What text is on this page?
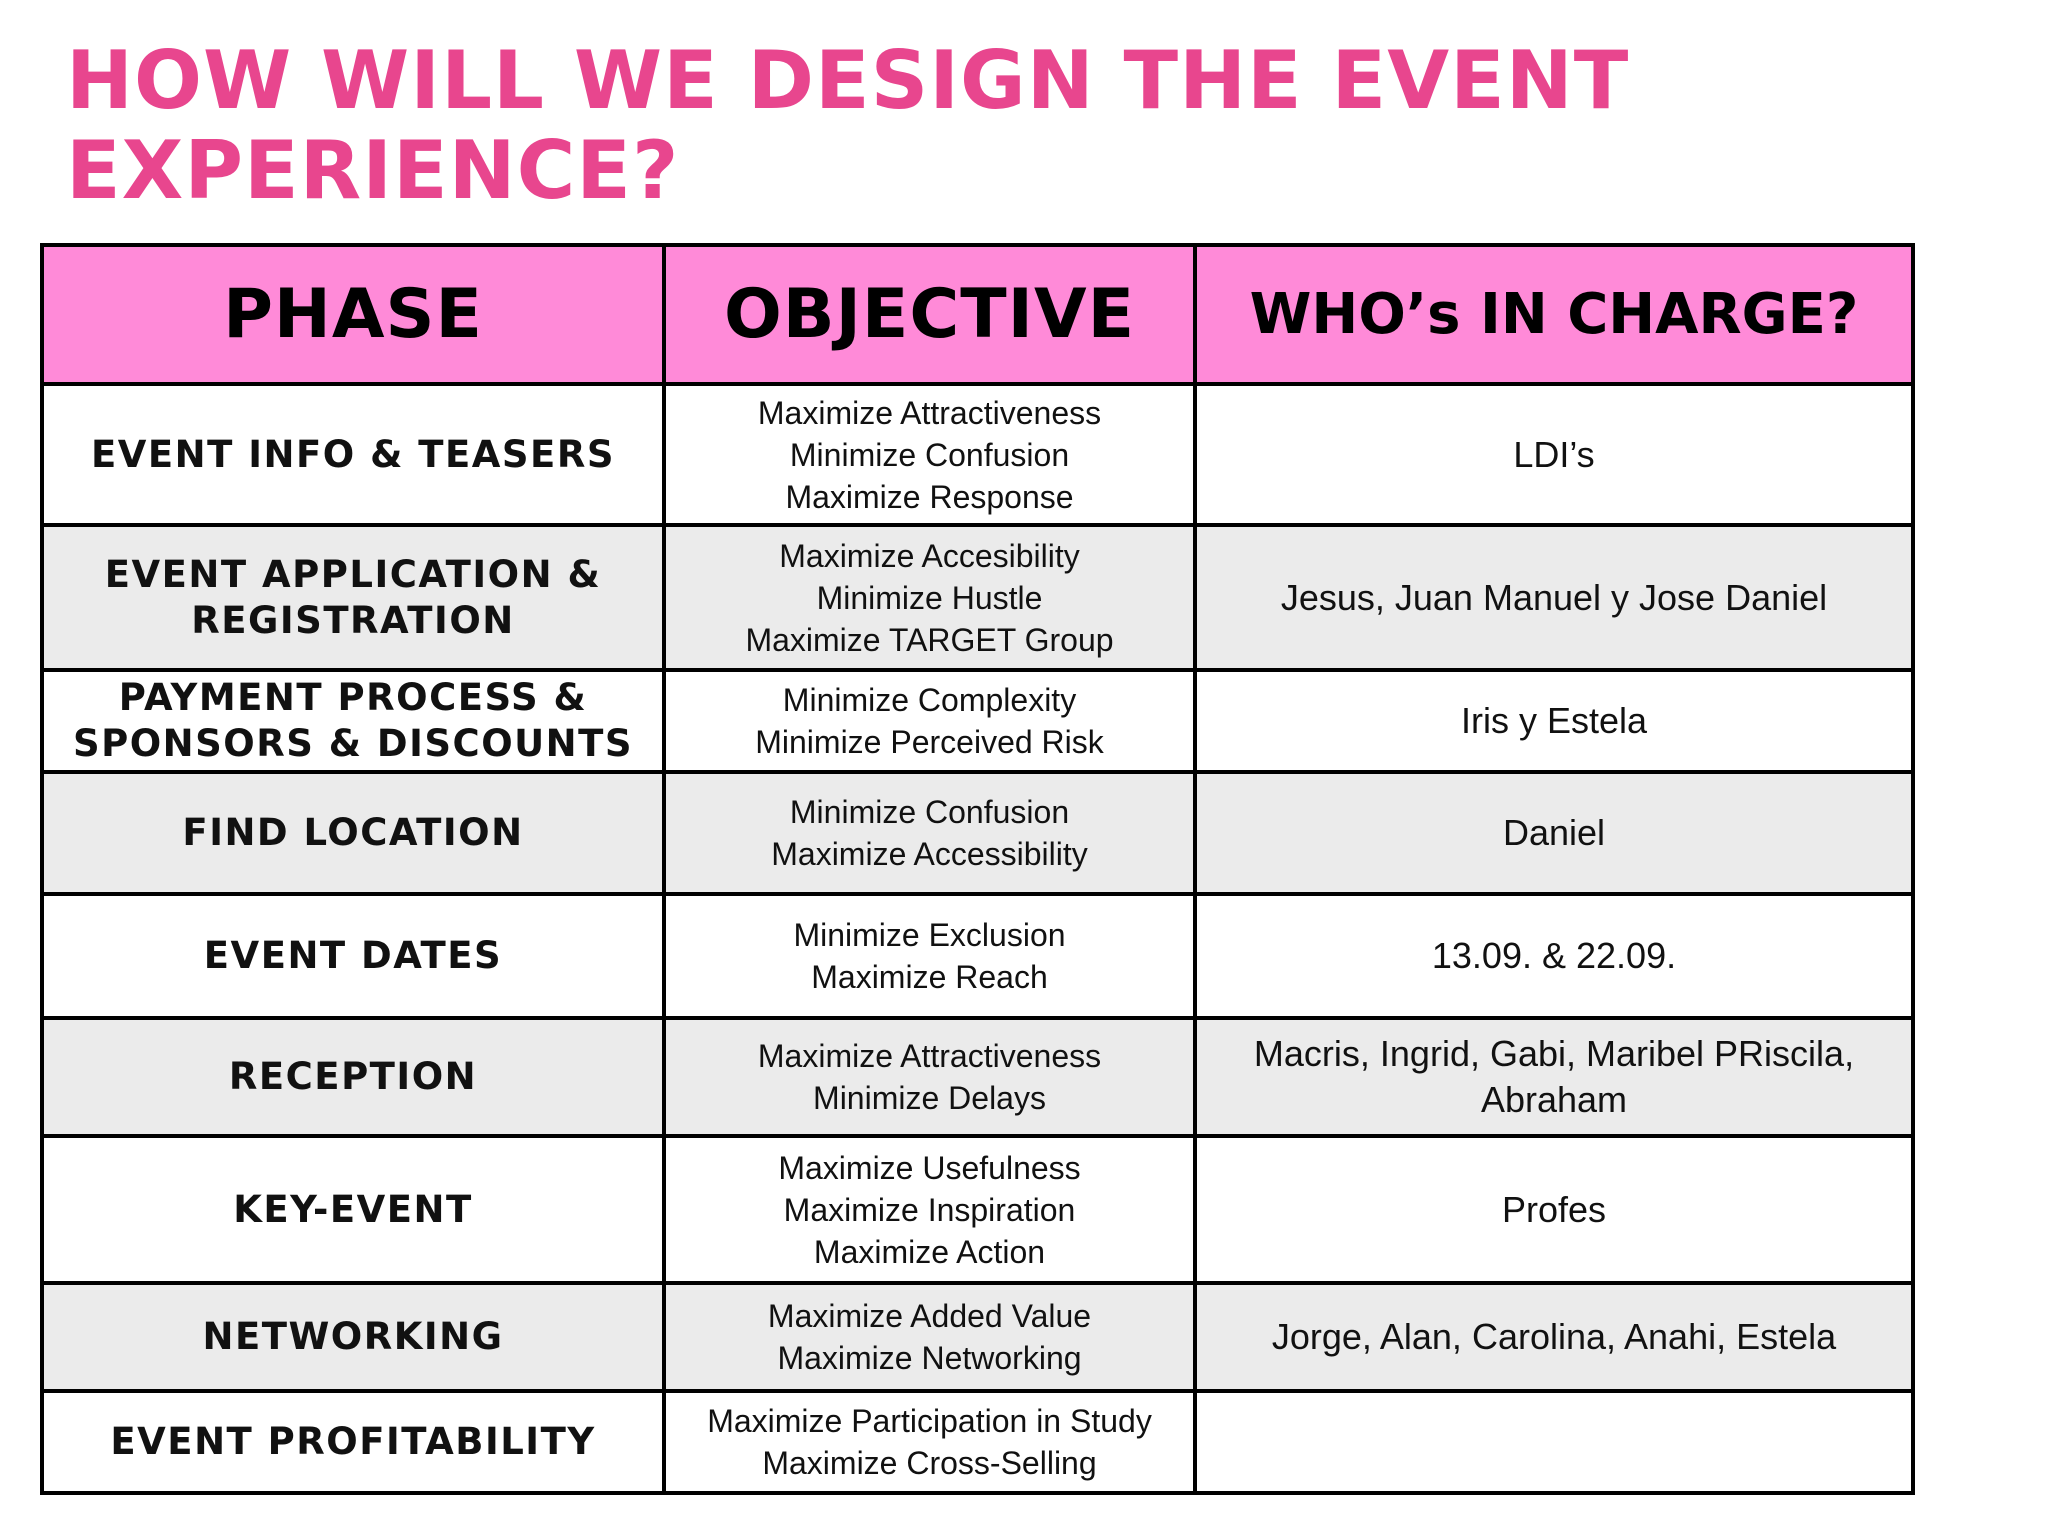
HOW WILL WE DESIGN THE EVENT EXPERIENCE?
PHASE	OBJECTIVE	WHO’s IN CHARGE?
EVENT INFO & TEASERS	Maximize Attractiveness
Minimize Confusion
Maximize Response	LDI’s
EVENT APPLICATION & REGISTRATION	Maximize Accesibility
Minimize Hustle
Maximize TARGET Group	Jesus, Juan Manuel y Jose Daniel
PAYMENT PROCESS & SPONSORS & DISCOUNTS	Minimize Complexity
Minimize Perceived Risk	Iris y Estela
FIND LOCATION	Minimize Confusion
Maximize Accessibility	Daniel
EVENT DATES	Minimize Exclusion
Maximize Reach	13.09. & 22.09.
RECEPTION	Maximize Attractiveness
Minimize Delays	Macris, Ingrid, Gabi, Maribel PRiscila, Abraham
KEY-EVENT	Maximize Usefulness
Maximize Inspiration
Maximize Action	Profes
NETWORKING	Maximize Added Value
Maximize Networking	Jorge, Alan, Carolina, Anahi, Estela
EVENT PROFITABILITY	Maximize Participation in Study
Maximize Cross-Selling	
